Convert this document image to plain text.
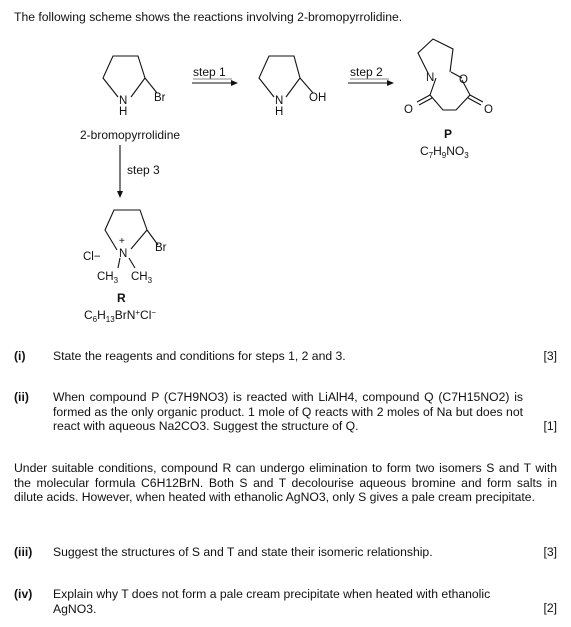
The following scheme shows the reactions involving 2-bromopyrrolidine.
step 1	step 2
step 3
N
H
Br
2-bromopyrrolidine
N
H
OH
N O
O	O
P
$C_7H_9NO_3$
+
N Br
Cl−
$CH_3$ $CH_3$
R
$C_6H_{13}BrN^+Cl^-$
(i) State the reagents and conditions for steps 1, 2 and 3.	[3]
(ii) When compound P (C7H9NO3) is reacted with LiAlH4, compound Q (C7H15NO2) is formed as the only organic product. 1 mole of Q reacts with 2 moles of Na but does not react with aqueous Na2CO3. Suggest the structure of Q.	[1]
Under suitable conditions, compound R can undergo elimination to form two isomers S and T with the molecular formula C6H12BrN. Both S and T decolourise aqueous bromine and form salts in dilute acids. However, when heated with ethanolic AgNO3, only S gives a pale cream precipitate.
(iii) Suggest the structures of S and T and state their isomeric relationship.	[3]
(iv) Explain why T does not form a pale cream precipitate when heated with ethanolic AgNO3.	[2]
